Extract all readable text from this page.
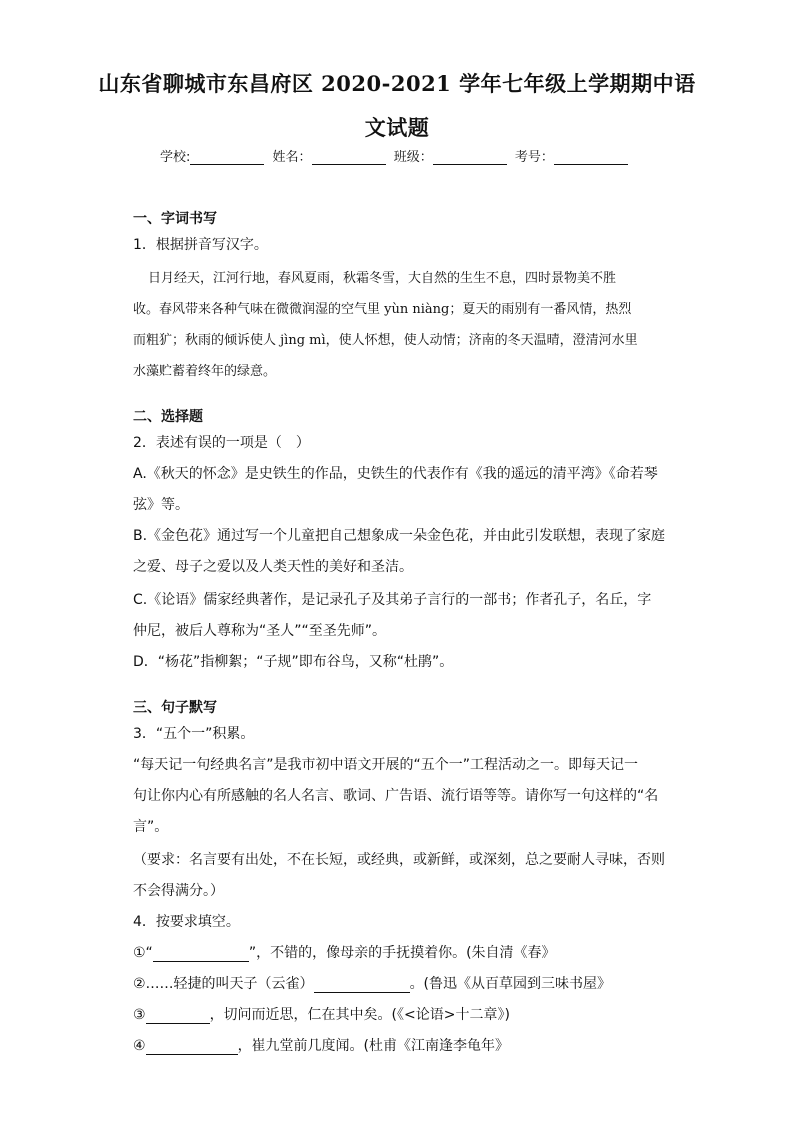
山东省聊城市东昌府区 2020-2021 学年七年级上学期期中语
文试题
学校:	姓名：	班级：	考号：
一、字词书写
1．根据拼音写汉字。
日月经天，江河行地，春风夏雨，秋霜冬雪，大自然的生生不息，四时景物美不胜
收。春风带来各种气味在微微润湿的空气里 yùn niàng；夏天的雨别有一番风情，热烈
而粗犷；秋雨的倾诉使人 jìng mì，使人怀想，使人动情；济南的冬天温晴，澄清河水里
水藻贮蓄着终年的绿意。
二、选择题
2．表述有误的一项是（　）
A.《秋天的怀念》是史铁生的作品，史铁生的代表作有《我的遥远的清平湾》《命若琴
弦》等。
B.《金色花》通过写一个儿童把自己想象成一朵金色花，并由此引发联想，表现了家庭
之爱、母子之爱以及人类天性的美好和圣洁。
C.《论语》儒家经典著作，是记录孔子及其弟子言行的一部书；作者孔子，名丘，字
仲尼，被后人尊称为“圣人”“至圣先师”。
D．“杨花”指柳絮；“子规”即布谷鸟，又称“杜鹃”。
三、句子默写
3．“五个一”积累。
“每天记一句经典名言”是我市初中语文开展的“五个一”工程活动之一。即每天记一
句让你内心有所感触的名人名言、歌词、广告语、流行语等等。请你写一句这样的“名
言”。
（要求：名言要有出处，不在长短，或经典，或新鲜，或深刻，总之要耐人寻味，否则
不会得满分。）
4．按要求填空。
①“	”，不错的，像母亲的手抚摸着你。(朱自清《春》
②……轻捷的叫天子（云雀）	。(鲁迅《从百草园到三味书屋》
③	，切问而近思，仁在其中矣。(《<论语>十二章》)
④	，崔九堂前几度闻。(杜甫《江南逢李龟年》
